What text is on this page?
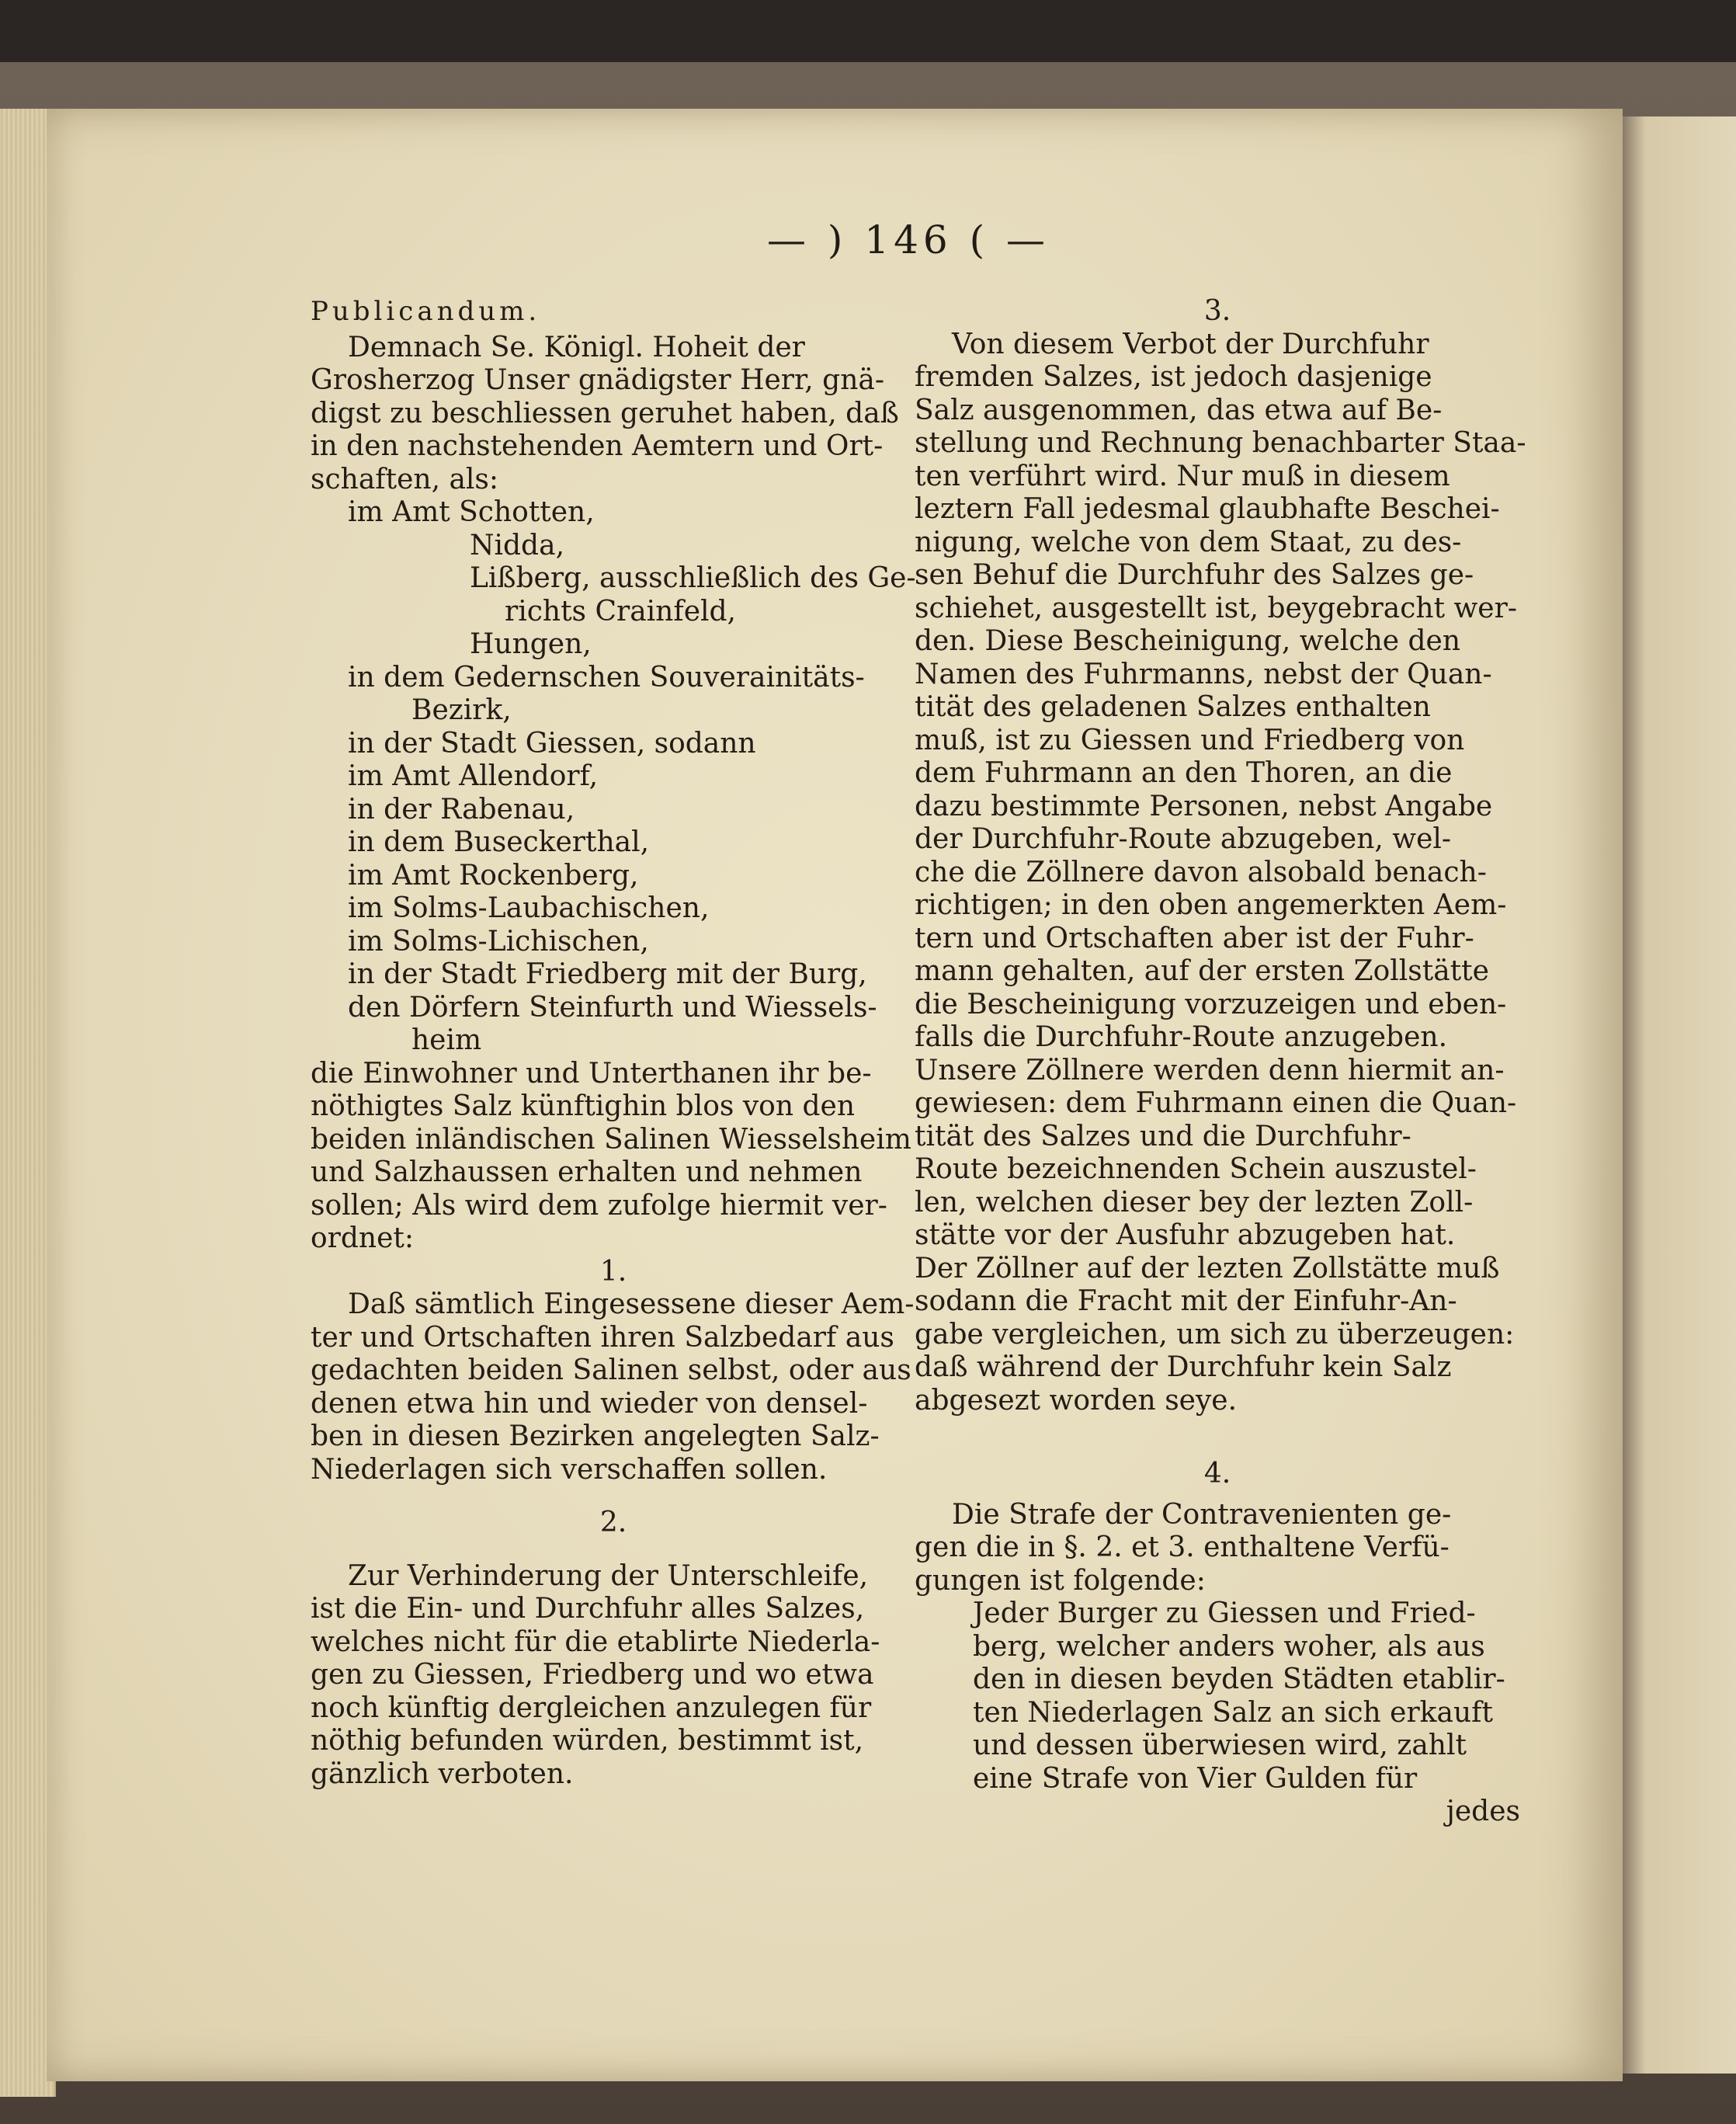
— ) 146 ( —

Publicandum.

Demnach Se. Königl. Hoheit der

Grosherzog Unser gnädigster Herr, gnä-

digst zu beschliessen geruhet haben, daß

in den nachstehenden Aemtern und Ort-

schaften, als:

im Amt Schotten,

Nidda,

Lißberg, ausschließlich des Ge-

richts Crainfeld,

Hungen,

in dem Gedernschen Souverainitäts-

Bezirk,

in der Stadt Giessen, sodann

im Amt Allendorf,

in der Rabenau,

in dem Buseckerthal,

im Amt Rockenberg,

im Solms-Laubachischen,

im Solms-Lichischen,

in der Stadt Friedberg mit der Burg,

den Dörfern Steinfurth und Wiessels-

heim

die Einwohner und Unterthanen ihr be-

nöthigtes Salz künftighin blos von den

beiden inländischen Salinen Wiesselsheim

und Salzhaussen erhalten und nehmen

sollen; Als wird dem zufolge hiermit ver-

ordnet:

1.

Daß sämtlich Eingesessene dieser Aem-

ter und Ortschaften ihren Salzbedarf aus

gedachten beiden Salinen selbst, oder aus

denen etwa hin und wieder von densel-

ben in diesen Bezirken angelegten Salz-

Niederlagen sich verschaffen sollen.

2.

Zur Verhinderung der Unterschleife,

ist die Ein- und Durchfuhr alles Salzes,

welches nicht für die etablirte Niederla-

gen zu Giessen, Friedberg und wo etwa

noch künftig dergleichen anzulegen für

nöthig befunden würden, bestimmt ist,

gänzlich verboten.

3.

Von diesem Verbot der Durchfuhr

fremden Salzes, ist jedoch dasjenige

Salz ausgenommen, das etwa auf Be-

stellung und Rechnung benachbarter Staa-

ten verführt wird. Nur muß in diesem

leztern Fall jedesmal glaubhafte Beschei-

nigung, welche von dem Staat, zu des-

sen Behuf die Durchfuhr des Salzes ge-

schiehet, ausgestellt ist, beygebracht wer-

den. Diese Bescheinigung, welche den

Namen des Fuhrmanns, nebst der Quan-

tität des geladenen Salzes enthalten

muß, ist zu Giessen und Friedberg von

dem Fuhrmann an den Thoren, an die

dazu bestimmte Personen, nebst Angabe

der Durchfuhr-Route abzugeben, wel-

che die Zöllnere davon alsobald benach-

richtigen; in den oben angemerkten Aem-

tern und Ortschaften aber ist der Fuhr-

mann gehalten, auf der ersten Zollstätte

die Bescheinigung vorzuzeigen und eben-

falls die Durchfuhr-Route anzugeben.

Unsere Zöllnere werden denn hiermit an-

gewiesen: dem Fuhrmann einen die Quan-

tität des Salzes und die Durchfuhr-

Route bezeichnenden Schein auszustel-

len, welchen dieser bey der lezten Zoll-

stätte vor der Ausfuhr abzugeben hat.

Der Zöllner auf der lezten Zollstätte muß

sodann die Fracht mit der Einfuhr-An-

gabe vergleichen, um sich zu überzeugen:

daß während der Durchfuhr kein Salz

abgesezt worden seye.

4.

Die Strafe der Contravenienten ge-

gen die in §. 2. et 3. enthaltene Verfü-

gungen ist folgende:

Jeder Burger zu Giessen und Fried-

berg, welcher anders woher, als aus

den in diesen beyden Städten etablir-

ten Niederlagen Salz an sich erkauft

und dessen überwiesen wird, zahlt

eine Strafe von Vier Gulden für

jedes
